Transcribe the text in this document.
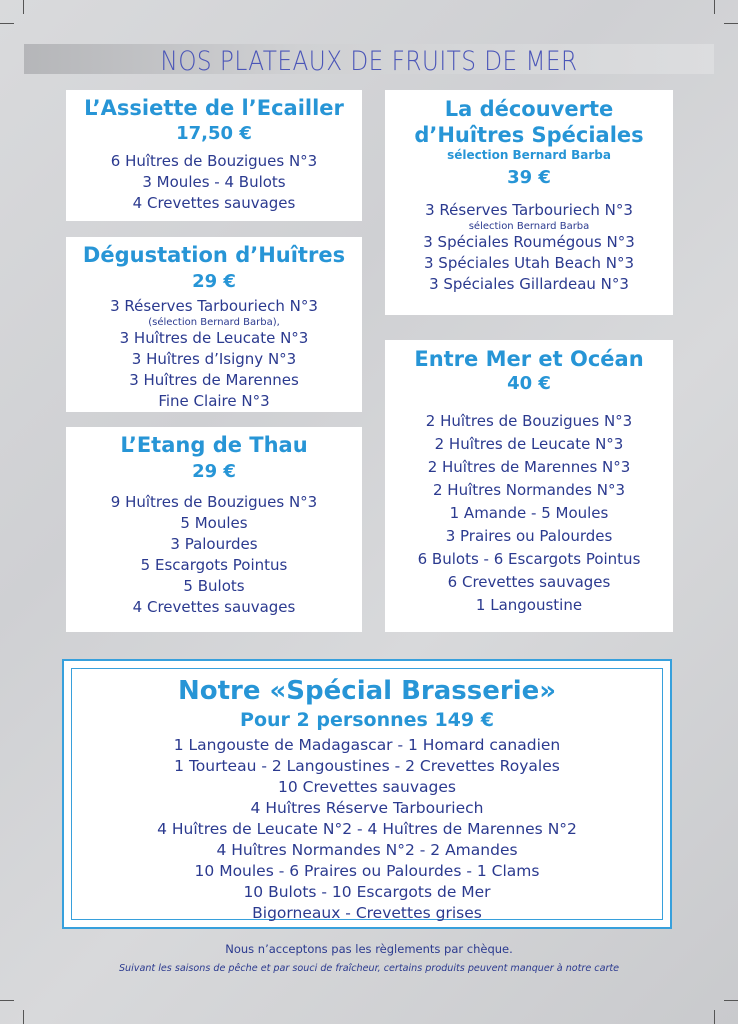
NOS PLATEAUX DE FRUITS DE MER
L’Assiette de l’Ecailler
17,50 €
6 Huîtres de Bouzigues N°3
3 Moules - 4 Bulots
4 Crevettes sauvages
Dégustation d’Huîtres
29 €
3 Réserves Tarbouriech N°3
(sélection Bernard Barba),
3 Huîtres de Leucate N°3
3 Huîtres d’Isigny N°3
3 Huîtres de Marennes
Fine Claire N°3
L’Etang de Thau
29 €
9 Huîtres de Bouzigues N°3
5 Moules
3 Palourdes
5 Escargots Pointus
5 Bulots
4 Crevettes sauvages
La découverte
d’Huîtres Spéciales
sélection Bernard Barba
39 €
3 Réserves Tarbouriech N°3
sélection Bernard Barba
3 Spéciales Roumégous N°3
3 Spéciales Utah Beach N°3
3 Spéciales Gillardeau N°3
Entre Mer et Océan
40 €
2 Huîtres de Bouzigues N°3
2 Huîtres de Leucate N°3
2 Huîtres de Marennes N°3
2 Huîtres Normandes N°3
1 Amande - 5 Moules
3 Praires ou Palourdes
6 Bulots - 6 Escargots Pointus
6 Crevettes sauvages
1 Langoustine
Notre «Spécial Brasserie»
Pour 2 personnes 149 €
1 Langouste de Madagascar - 1 Homard canadien
1 Tourteau - 2 Langoustines - 2 Crevettes Royales
10 Crevettes sauvages
4 Huîtres Réserve Tarbouriech
4 Huîtres de Leucate N°2 - 4 Huîtres de Marennes N°2
4 Huîtres Normandes N°2 - 2 Amandes
10 Moules - 6 Praires ou Palourdes - 1 Clams
10 Bulots - 10 Escargots de Mer
Bigorneaux - Crevettes grises
Nous n’acceptons pas les règlements par chèque.
Suivant les saisons de pêche et par souci de fraîcheur, certains produits peuvent manquer à notre carte
